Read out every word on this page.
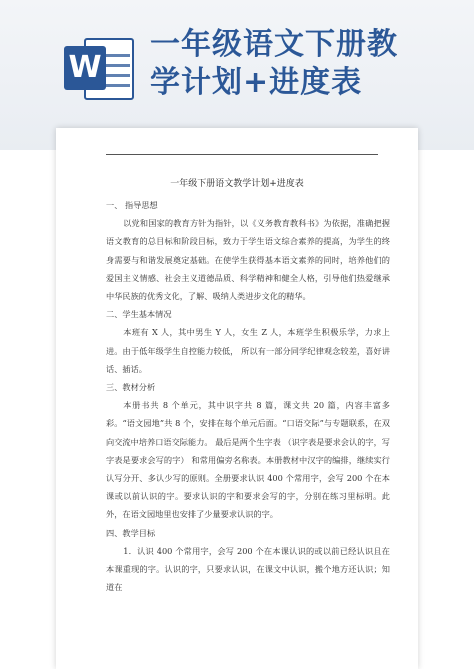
W
一年级语文下册教
学计划+进度表
一年级下册语文教学计划+进度表

一、 指导思想

以党和国家的教育方针为指针，以《义务教育教科书》为依据，准确把握语文教育的总目标和阶段目标，致力于学生语文综合素养的提高，为学生的终身需要与和谐发展奠定基础。在使学生获得基本语文素养的同时，培养他们的爱国主义情感、社会主义道德品质、科学精神和健全人格，引导他们热爱继承中华民族的优秀文化，了解、吸纳人类进步文化的精华。

二、学生基本情况

本班有 X 人，其中男生 Y 人，女生 Z 人，本班学生积极乐学，力求上进。由于低年级学生自控能力较低， 所以有一部分同学纪律观念较差，喜好讲话、插话。

三、教材分析

本册书共 8 个单元，其中识字共 8 篇，课文共 20 篇，内容丰富多彩。“语文园地”共 8 个，安排在每个单元后面。“口语交际”与专题联系，在双向交流中培养口语交际能力。 最后是两个生字表 （识字表是要求会认的字，写字表是要求会写的字） 和常用偏旁名称表。本册教材中汉字的编排，继续实行认写分开、多认少写的原则。全册要求认识 400 个常用字，会写 200 个在本课或以前认识的字。要求认识的字和要求会写的字，分别在练习里标明。此外，在语文园地里也安排了少量要求认识的字。

四、教学目标

1．认识 400 个常用字，会写 200 个在本课认识的或以前已经认识且在本课重现的字。认识的字，只要求认识，在课文中认识，搬个地方还认识；知道在
